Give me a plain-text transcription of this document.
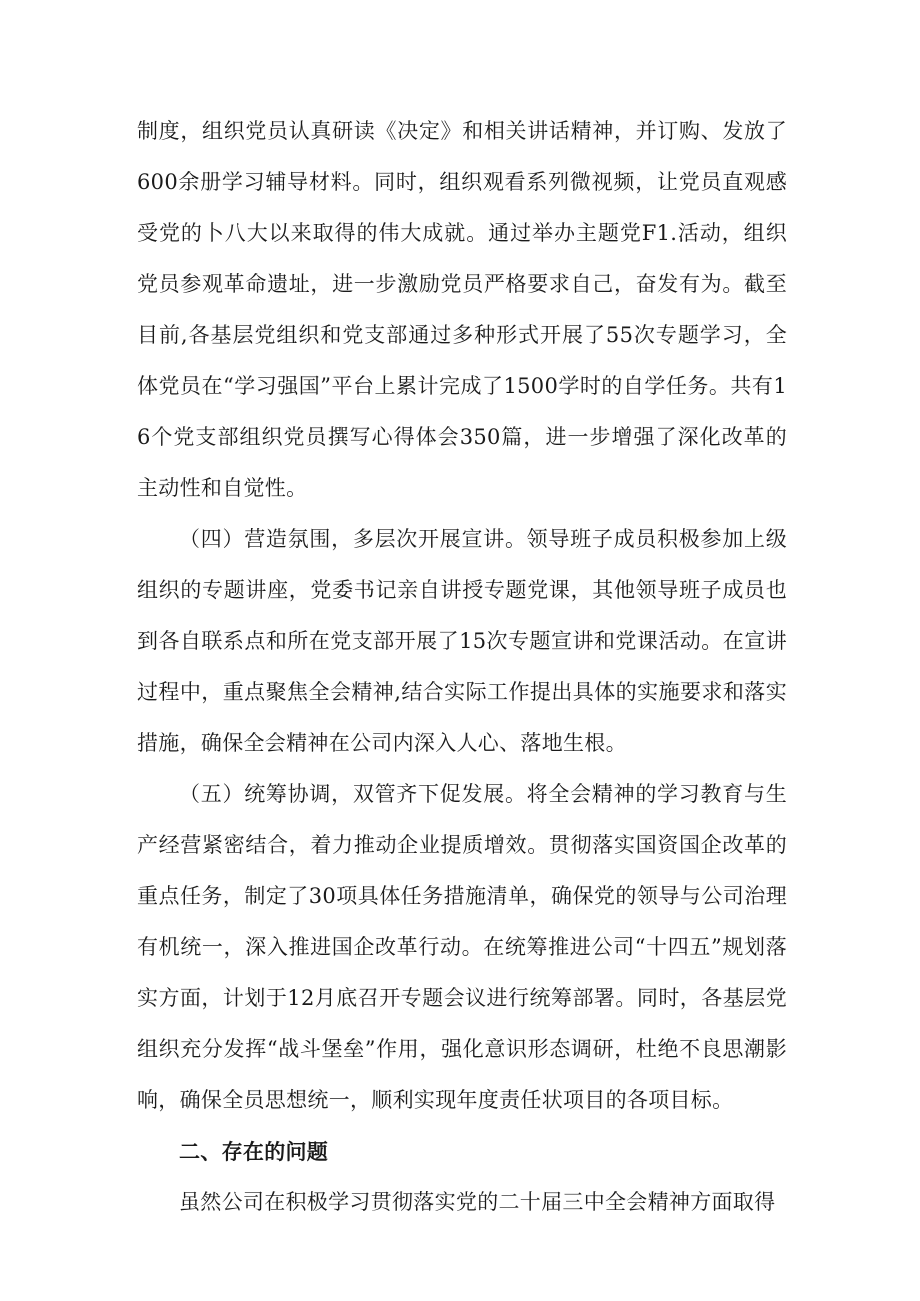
制度，组织党员认真研读《决定》和相关讲话精神，并订购、发放了600余册学习辅导材料。同时，组织观看系列微视频，让党员直观感受党的卜八大以来取得的伟大成就。通过举办主题党F1.活动，组织党员参观革命遗址，进一步激励党员严格要求自己，奋发有为。截至目前,各基层党组织和党支部通过多种形式开展了55次专题学习，全体党员在“学习强国”平台上累计完成了1500学时的自学任务。共有16个党支部组织党员撰写心得体会350篇，进一步增强了深化改革的主动性和自觉性。

（四）营造氛围，多层次开展宣讲。领导班子成员积极参加上级组织的专题讲座，党委书记亲自讲授专题党课，其他领导班子成员也到各自联系点和所在党支部开展了15次专题宣讲和党课活动。在宣讲过程中，重点聚焦全会精神,结合实际工作提出具体的实施要求和落实措施，确保全会精神在公司内深入人心、落地生根。

（五）统筹协调，双管齐下促发展。将全会精神的学习教育与生产经营紧密结合，着力推动企业提质增效。贯彻落实国资国企改革的重点任务，制定了30项具体任务措施清单，确保党的领导与公司治理有机统一，深入推进国企改革行动。在统筹推进公司“十四五”规划落实方面，计划于12月底召开专题会议进行统筹部署。同时，各基层党组织充分发挥“战斗堡垒”作用，强化意识形态调研，杜绝不良思潮影响，确保全员思想统一，顺利实现年度责任状项目的各项目标。

二、存在的问题

虽然公司在积极学习贯彻落实党的二十届三中全会精神方面取得
